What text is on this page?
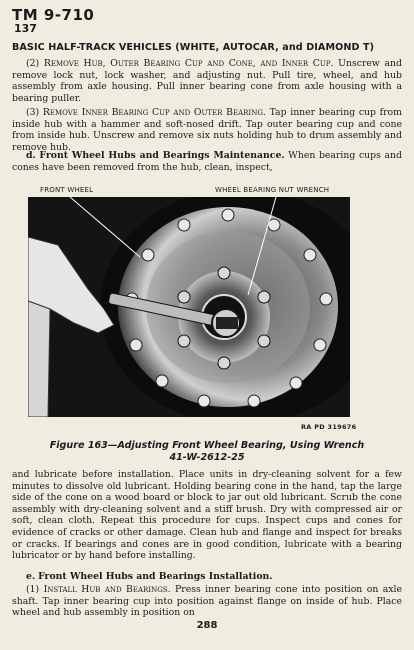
TM 9-710
137
BASIC HALF-TRACK VEHICLES (WHITE, AUTOCAR, and DIAMOND T)
(2) Remove Hub, Outer Bearing Cup and Cone, and Inner Cup. Unscrew and remove lock nut, lock washer, and adjusting nut. Pull tire, wheel, and hub assembly from axle housing. Pull inner bearing cone from axle housing with a bearing puller.
(3) Remove Inner Bearing Cup and Outer Bearing. Tap inner bearing cup from inside hub with a hammer and soft-nosed drift. Tap outer bearing cup and cone from inside hub. Unscrew and remove six nuts holding hub to drum assembly and remove hub.
d. Front Wheel Hubs and Bearings Maintenance. When bearing cups and cones have been removed from the hub, clean, inspect,
FRONT WHEEL	WHEEL BEARING NUT WRENCH
RA PD 319676
Figure 163—Adjusting Front Wheel Bearing, Using Wrench
41-W-2612-25
and lubricate before installation. Place units in dry-cleaning solvent for a few minutes to dissolve old lubricant. Holding bearing cone in the hand, tap the large side of the cone on a wood board or block to jar out old lubricant. Scrub the cone assembly with dry-cleaning solvent and a stiff brush. Dry with compressed air or soft, clean cloth. Repeat this procedure for cups. Inspect cups and cones for evidence of cracks or other damage. Clean hub and flange and inspect for breaks or cracks. If bearings and cones are in good condition, lubricate with a bearing lubricator or by hand before installing.
e. Front Wheel Hubs and Bearings Installation.
(1) Install Hub and Bearings. Press inner bearing cone into position on axle shaft. Tap inner bearing cup into position against flange on inside of hub. Place wheel and hub assembly in position on
288
